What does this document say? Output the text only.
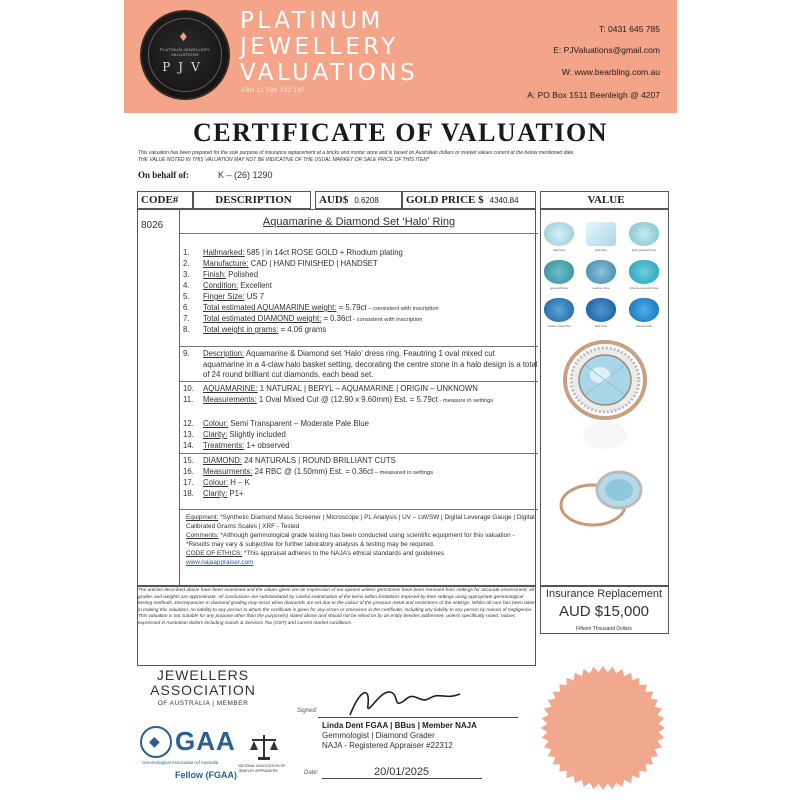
♦
PLATINUM JEWELLERY VALUATIONS
PJV
PLATINUM
JEWELLERY
VALUATIONS
ABN 11 588 192 137
T: 0431 645 785
E: PJValuations@gmail.com
W: www.bearbling.com.au
A: PO Box 1511 Beenleigh @ 4207
CERTIFICATE OF VALUATION
This valuation has been prepared for the sole purpose of insurance replacement at a bricks and mortar store and is based on Australian dollars or market values current at the below mentioned date.
THE VALUE NOTED IN THIS VALUATION MAY NOT BE INDICATIVE OF THE USUAL MARKET OR SALE PRICE OF THIS ITEM*
On behalf of:	K – (26) 1290
CODE#	DESCRIPTION AUD$ 0.6208 GOLD PRICE $ 4340.84	VALUE
8026	Aquamarine & Diamond Set ‘Halo’ Ring
1.	Hallmarked: 585 | in 14ct ROSE GOLD + Rhodium plating
2.	Manufacture: CAD | HAND FINISHED | HANDSET
3.	Finish: Polished
4.	Condition: Excellent
5.	Finger Size: US 7
6.	Total estimated AQUAMARINE weight: = 5.79ct – consistent with inscription
7.	Total estimated DIAMOND weight: = 0.36ct - consistent with inscription
8.	Total weight in grams: = 4.06 grams
9.	Description: Aquamarine & Diamond set ‘Halo’ dress ring. Feautring 1 oval mixed cut aquamarine in a 4-claw halo basket setting, decorating the centre stone in a halo design is a total of 24 round brilliant cut diamonds, each bead set.
10.	AQUAMARINE: 1 NATURAL | BERYL – AQUAMARINE | ORIGIN – UNKNOWN
11.	Measurements: 1 Oval Mixed Cut @ (12.90 x 9.60mm) Est. = 5.79ct - measure in settings
12.	Colour: Semi Transparent – Moderate Pale Blue
13.	Clarity: Slightly included
14.	Treatments: 1+ observed
15.	DIAMOND: 24 NATURALS | ROUND BRILLIANT CUTS
16.	Measurments: 24 RBC @ (1.50mm) Est. = 0.36ct – measured in settings
17.	Colour: H – K
18.	Clarity: P1+
Equipment: *Synthetic Diamond Mass Screener | Microscope | PL Analysis | UV – LW/SW | Digital Leverage Gauge | Digital Calibrated Grams Scales | XRF - Tested
Comments: *Although gemmological grade testing has been conducted using scientific equipment for this valuation - *Results may vary & subjective for further laboratory analysis & testing may be required.
CODE OF ETHICS: *This appraisal adheres to the NAJA’s ethical standards and guidelines
www.najaappraiser.com
pale blue	light blue	light greenish blue
greenish blue	medium blue	intense greenish blue
medium dark blue	dark blue	intense blue
The articles described above have been examined and the values given are an expression of our opinion unless gemstones have been removed from settings for accurate assessment, all grades and weights are approximate. All conclusions are substantiated by careful examination of the items within limitations imposed by their settings using appropriate gemmological testing methods. Discrepancies in diamond grading may occur when diamonds are set due to the colour of the precious metal and restrictions of the settings. Whilst all care has been taken in making this valuation, no liability to any person to whom the certificate is given for any errors or omissions in the certificate, including any liability to any person by reason of negligence. This valuation is not suitable for any purpose other than the purpose(s) stated above and should not be relied on by an entity besides addressee, unless specifically noted. Values expressed in Australian dollars including Goods & Services Tax (GST) and current market conditions.
Insurance Replacement
AUD $15,000
Fifteen Thousand Dollars
JEWELLERS
ASSOCIATION
OF AUSTRALIA | MEMBER
◆ GAA
Gemmological Association of Australia
Fellow (FGAA)
NATIONAL ASSOCIATION OF JEWELRY APPRAISERS
Signed:
Linda Dent FGAA | BBus | Member NAJA
Gemmologist | Diamond Grader
NAJA - Registered Appraiser #22312
Date:	20/01/2025
